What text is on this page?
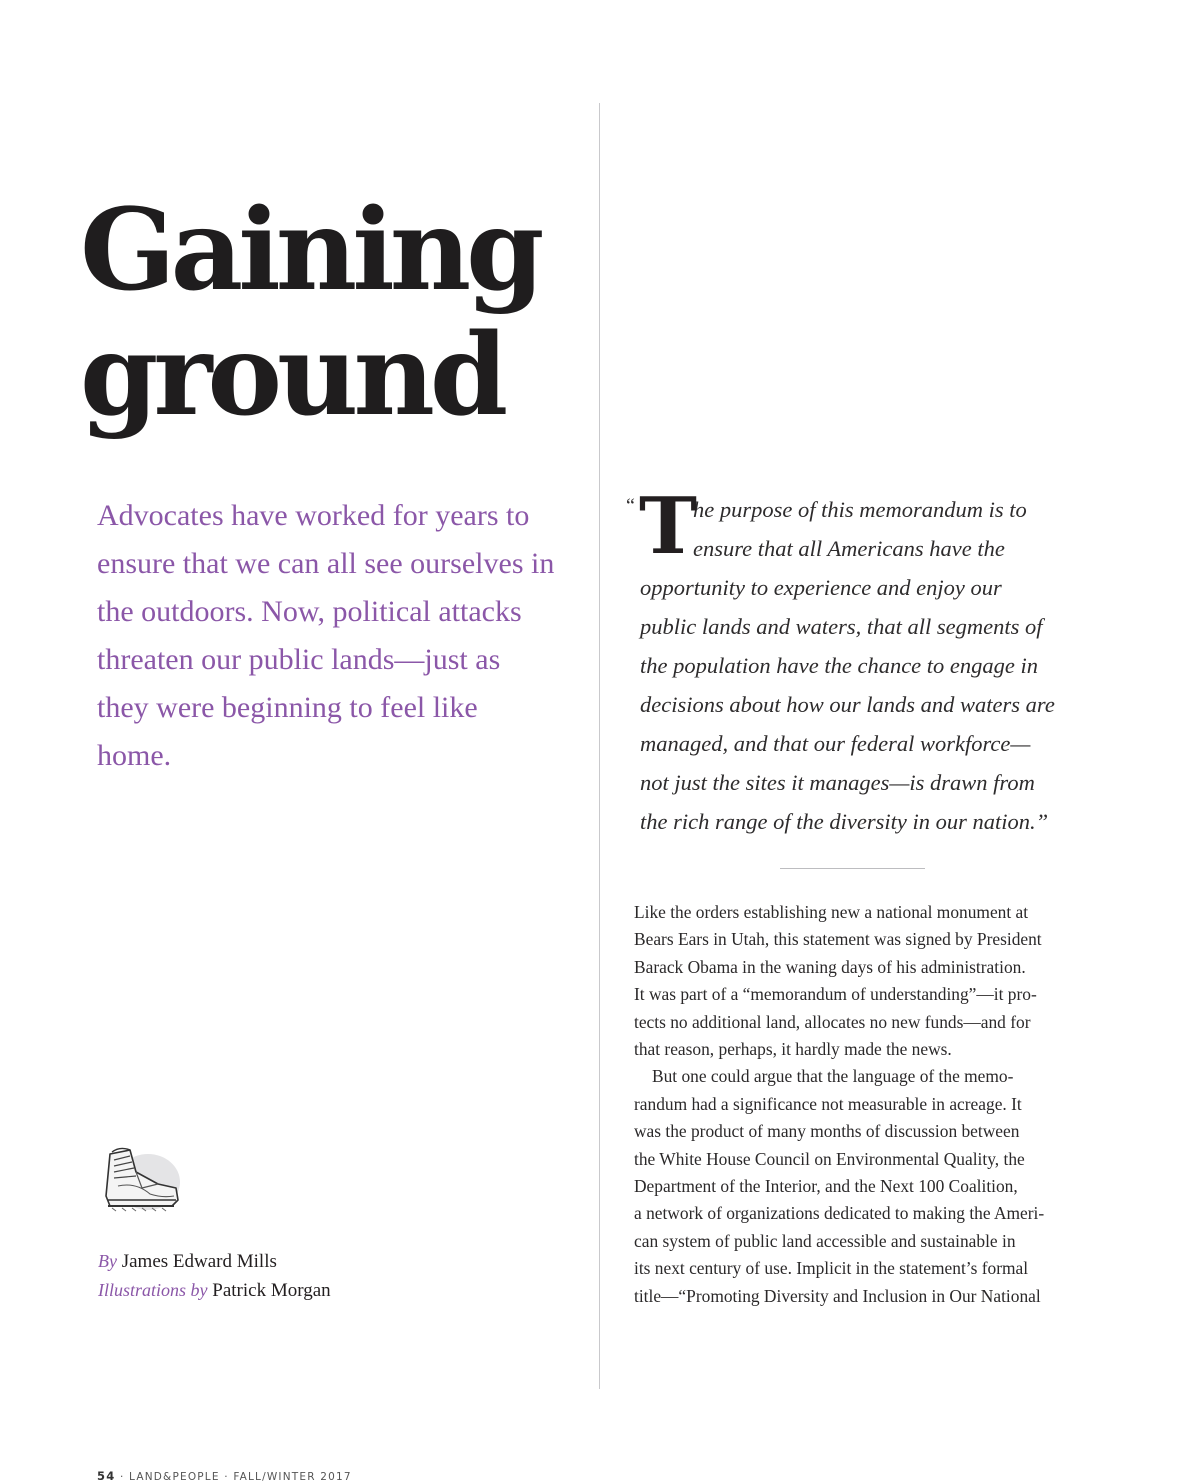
Gaining
ground

Advocates have worked for years to ensure that we can all see ourselves in the outdoors. Now, political attacks threaten our public lands—just as they were beginning to feel like home.

By James Edward Mills
Illustrations by Patrick Morgan
“ T
he purpose of this memorandum is to
ensure that all Americans have the
opportunity to experience and enjoy our
public lands and waters, that all segments of
the population have the chance to engage in
decisions about how our lands and waters are
managed, and that our federal workforce—
not just the sites it manages—is drawn from
the rich range of the diversity in our nation.”
Like the orders establishing new a national monument at
Bears Ears in Utah, this statement was signed by President
Barack Obama in the waning days of his administration.
It was part of a “memorandum of understanding”—it pro-
tects no additional land, allocates no new funds—and for
that reason, perhaps, it hardly made the news.
But one could argue that the language of the memo-
randum had a significance not measurable in acreage. It
was the product of many months of discussion between
the White House Council on Environmental Quality, the
Department of the Interior, and the Next 100 Coalition,
a network of organizations dedicated to making the Ameri-
can system of public land accessible and sustainable in
its next century of use. Implicit in the statement’s formal
title—“Promoting Diversity and Inclusion in Our National
54 · LAND&PEOPLE · FALL/WINTER 2017
